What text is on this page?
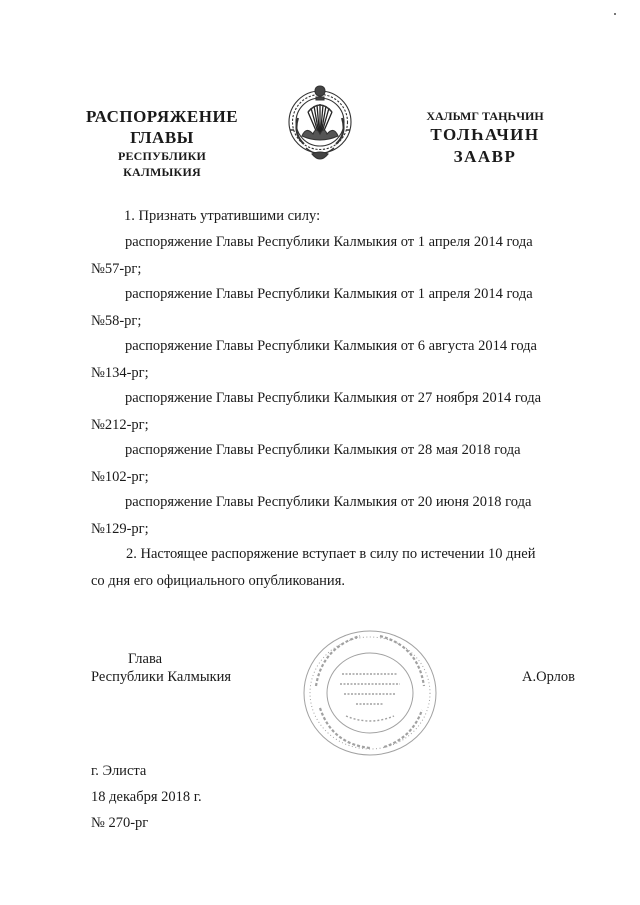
РАСПОРЯЖЕНИЕ
ГЛАВЫ
РЕСПУБЛИКИ КАЛМЫКИЯ
ХАЛЬМГ ТАҢҺЧИН
ТОЛҺАЧИН
ЗААВР
1. Признать утратившими силу:
распоряжение Главы Республики Калмыкия от 1 апреля 2014 года
№57-рг;
распоряжение Главы Республики Калмыкия от 1 апреля 2014 года
№58-рг;
распоряжение Главы Республики Калмыкия от 6 августа 2014 года
№134-рг;
распоряжение Главы Республики Калмыкия от 27 ноября 2014 года
№212-рг;
распоряжение Главы Республики Калмыкия от 28 мая 2018 года
№102-рг;
распоряжение Главы Республики Калмыкия от 20 июня 2018 года
№129-рг;
2. Настоящее распоряжение вступает в силу по истечении 10 дней
со дня его официального опубликования.
Глава
Республики Калмыкия	А.Орлов
г. Элиста
18 декабря 2018 г.
№ 270-рг
